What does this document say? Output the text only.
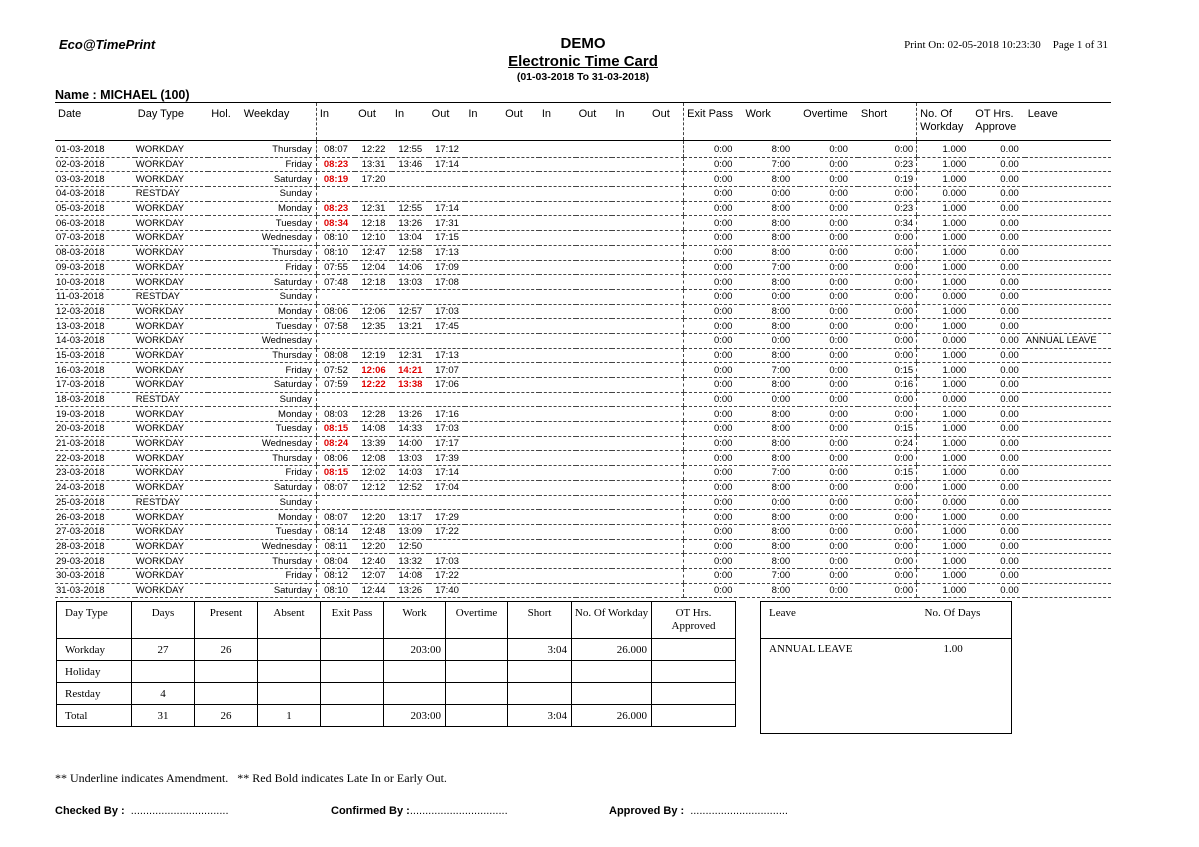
Eco@TimePrint	DEMO
Electronic Time Card
(01-03-2018 To 31-03-2018)
Print On: 02-05-2018 10:23:30 Page 1 of 31
Name : MICHAEL (100)
Date	Day Type	Hol.	Weekday	In	Out	In	Out	In	Out	In	Out	In	Out	Exit Pass	Work	Overtime	Short	No. Of Workday	OT Hrs. Approve	Leave
01-03-2018	WORKDAY		Thursday	08:07	12:22	12:55	17:12							0:00	8:00	0:00	0:00	1.000	0.00	
02-03-2018	WORKDAY		Friday	08:23	13:31	13:46	17:14							0:00	7:00	0:00	0:23	1.000	0.00	
03-03-2018	WORKDAY		Saturday	08:19	17:20									0:00	8:00	0:00	0:19	1.000	0.00	
04-03-2018	RESTDAY		Sunday											0:00	0:00	0:00	0:00	0.000	0.00	
05-03-2018	WORKDAY		Monday	08:23	12:31	12:55	17:14							0:00	8:00	0:00	0:23	1.000	0.00	
06-03-2018	WORKDAY		Tuesday	08:34	12:18	13:26	17:31							0:00	8:00	0:00	0:34	1.000	0.00	
07-03-2018	WORKDAY		Wednesday	08:10	12:10	13:04	17:15							0:00	8:00	0:00	0:00	1.000	0.00	
08-03-2018	WORKDAY		Thursday	08:10	12:47	12:58	17:13							0:00	8:00	0:00	0:00	1.000	0.00	
09-03-2018	WORKDAY		Friday	07:55	12:04	14:06	17:09							0:00	7:00	0:00	0:00	1.000	0.00	
10-03-2018	WORKDAY		Saturday	07:48	12:18	13:03	17:08							0:00	8:00	0:00	0:00	1.000	0.00	
11-03-2018	RESTDAY		Sunday											0:00	0:00	0:00	0:00	0.000	0.00	
12-03-2018	WORKDAY		Monday	08:06	12:06	12:57	17:03							0:00	8:00	0:00	0:00	1.000	0.00	
13-03-2018	WORKDAY		Tuesday	07:58	12:35	13:21	17:45							0:00	8:00	0:00	0:00	1.000	0.00	
14-03-2018	WORKDAY		Wednesday											0:00	0:00	0:00	0:00	0.000	0.00	ANNUAL LEAVE
15-03-2018	WORKDAY		Thursday	08:08	12:19	12:31	17:13							0:00	8:00	0:00	0:00	1.000	0.00	
16-03-2018	WORKDAY		Friday	07:52	12:06	14:21	17:07							0:00	7:00	0:00	0:15	1.000	0.00	
17-03-2018	WORKDAY		Saturday	07:59	12:22	13:38	17:06							0:00	8:00	0:00	0:16	1.000	0.00	
18-03-2018	RESTDAY		Sunday											0:00	0:00	0:00	0:00	0.000	0.00	
19-03-2018	WORKDAY		Monday	08:03	12:28	13:26	17:16							0:00	8:00	0:00	0:00	1.000	0.00	
20-03-2018	WORKDAY		Tuesday	08:15	14:08	14:33	17:03							0:00	8:00	0:00	0:15	1.000	0.00	
21-03-2018	WORKDAY		Wednesday	08:24	13:39	14:00	17:17							0:00	8:00	0:00	0:24	1.000	0.00	
22-03-2018	WORKDAY		Thursday	08:06	12:08	13:03	17:39							0:00	8:00	0:00	0:00	1.000	0.00	
23-03-2018	WORKDAY		Friday	08:15	12:02	14:03	17:14							0:00	7:00	0:00	0:15	1.000	0.00	
24-03-2018	WORKDAY		Saturday	08:07	12:12	12:52	17:04							0:00	8:00	0:00	0:00	1.000	0.00	
25-03-2018	RESTDAY		Sunday											0:00	0:00	0:00	0:00	0.000	0.00	
26-03-2018	WORKDAY		Monday	08:07	12:20	13:17	17:29							0:00	8:00	0:00	0:00	1.000	0.00	
27-03-2018	WORKDAY		Tuesday	08:14	12:48	13:09	17:22							0:00	8:00	0:00	0:00	1.000	0.00	
28-03-2018	WORKDAY		Wednesday	08:11	12:20	12:50								0:00	8:00	0:00	0:00	1.000	0.00	
29-03-2018	WORKDAY		Thursday	08:04	12:40	13:32	17:03							0:00	8:00	0:00	0:00	1.000	0.00	
30-03-2018	WORKDAY		Friday	08:12	12:07	14:08	17:22							0:00	7:00	0:00	0:00	1.000	0.00	
31-03-2018	WORKDAY		Saturday	08:10	12:44	13:26	17:40							0:00	8:00	0:00	0:00	1.000	0.00	
Day Type	Days	Present	Absent	Exit Pass	Work	Overtime	Short	No. Of Workday	OT Hrs. Approved
Workday	27	26			203:00		3:04	26.000	
Holiday									
Restday	4								
Total	31	26	1		203:00		3:04	26.000	
Leave	No. Of Days
ANNUAL LEAVE	1.00
** Underline indicates Amendment.   ** Red Bold indicates Late In or Early Out.
Checked By : ................................	Confirmed By :................................	Approved By : ................................
